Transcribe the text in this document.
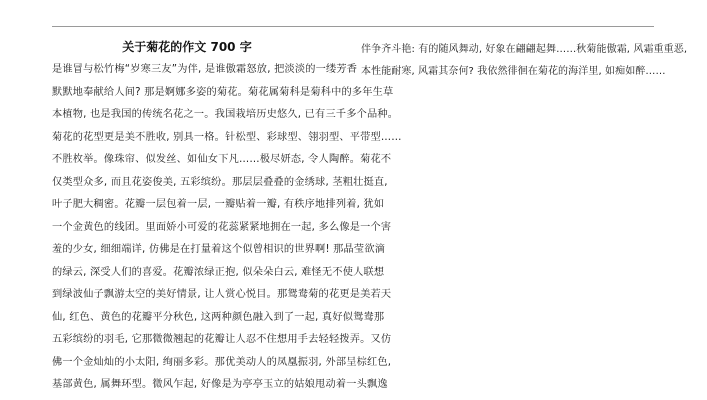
关于菊花的作文 700 字
是谁冒与松竹梅“岁寒三友”为伴, 是谁傲霜怒放, 把淡淡的一缕芳香
默默地奉献给人间? 那是婀娜多姿的菊花。菊花属菊科是菊科中的多年生草
本植物, 也是我国的传统名花之一。我国栽培历史悠久, 已有三千多个品种。
菊花的花型更是美不胜收, 别具一格。针松型、彩球型、翎羽型、平带型……
不胜枚举。像珠帘、似发丝、如仙女下凡……极尽妍态, 令人陶醉。菊花不
仅类型众多, 而且花姿俊美, 五彩缤纷。那层层叠叠的金绣球, 茎粗壮挺直,
叶子肥大稠密。花瓣一层包着一层, 一瓣贴着一瓣, 有秩序地排列着, 犹如
一个金黄色的线团。里面娇小可爱的花蕊紧紧地拥在一起, 多么像是一个害
羞的少女, 细细端详, 仿佛是在打量着这个似曾相识的世界啊! 那晶莹欲滴
的绿云, 深受人们的喜爱。花瓣浓绿正抱, 似朵朵白云, 难怪无不使人联想
到绿波仙子飘游太空的美好情景, 让人赏心悦目。那鸳鸯菊的花更是美若天
仙, 红色、黄色的花瓣平分秋色, 这两种颜色融入到了一起, 真好似鸳鸯那
五彩缤纷的羽毛, 它那微微翘起的花瓣让人忍不住想用手去轻轻拨弄。又仿
佛一个金灿灿的小太阳, 绚丽多彩。那优美动人的凤凰振羽, 外部呈棕红色,
基部黄色, 属舞环型。微风乍起, 好像是为亭亭玉立的姑娘甩动着一头飘逸
伴争齐斗艳: 有的随风舞动, 好象在翩翩起舞……秋菊能傲霜, 风霜重重恶,
本性能耐寒, 风霜其奈何? 我依然徘徊在菊花的海洋里, 如痴如醉……
